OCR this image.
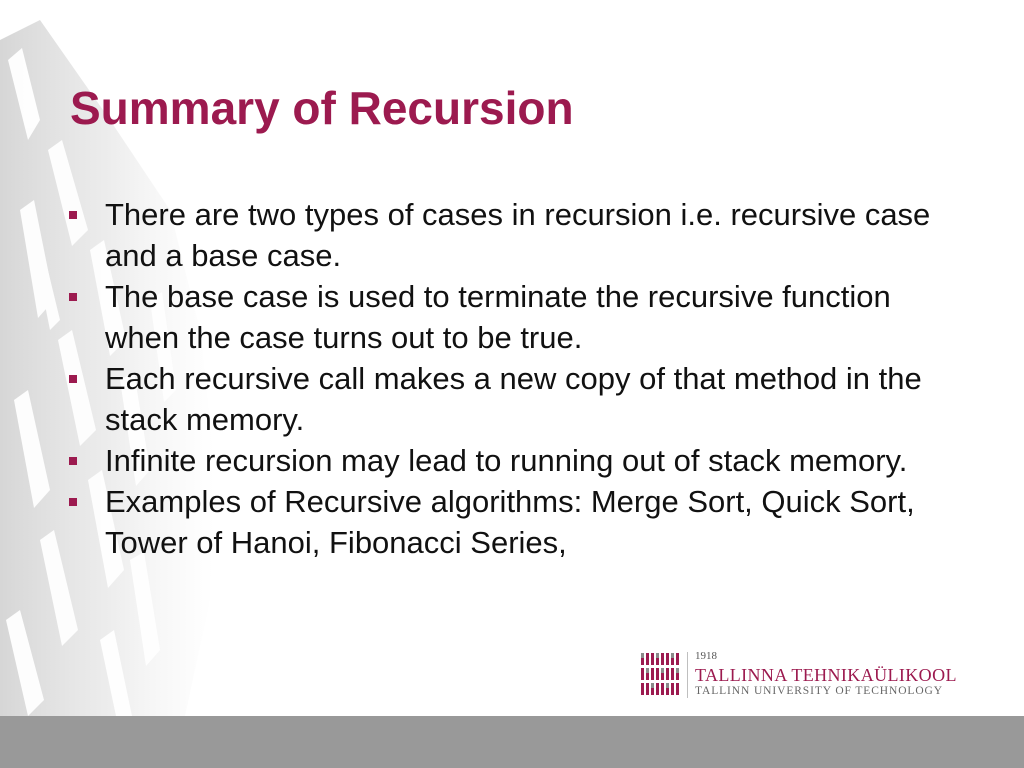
Summary of Recursion
There are two types of cases in recursion i.e. recursive case and a base case.
The base case is used to terminate the recursive function when the case turns out to be true.
Each recursive call makes a new copy of that method in the stack memory.
Infinite recursion may lead to running out of stack memory.
Examples of Recursive algorithms: Merge Sort, Quick Sort, Tower of Hanoi, Fibonacci Series,

1918

TALLINNA TEHNIKAÜLIKOOL

TALLINN UNIVERSITY OF TECHNOLOGY
